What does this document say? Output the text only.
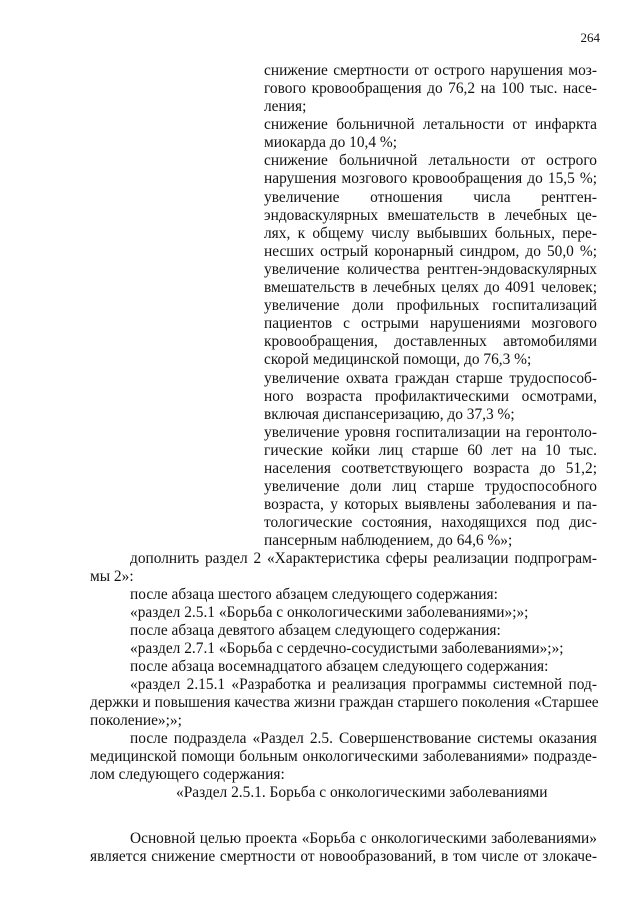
264
снижение смертности от острого нарушения моз-
гового кровообращения до 76,2 на 100 тыс. насе-
ления;
снижение больничной летальности от инфаркта
миокарда до 10,4 %;
снижение больничной летальности от острого
нарушения мозгового кровообращения до 15,5 %;
увеличение отношения числа рентген-
эндоваскулярных вмешательств в лечебных це-
лях, к общему числу выбывших больных, пере-
несших острый коронарный синдром, до 50,0 %;
увеличение количества рентген-эндоваскулярных
вмешательств в лечебных целях до 4091 человек;
увеличение доли профильных госпитализаций
пациентов с острыми нарушениями мозгового
кровообращения, доставленных автомобилями
скорой медицинской помощи, до 76,3 %;
увеличение охвата граждан старше трудоспособ-
ного возраста профилактическими осмотрами,
включая диспансеризацию, до 37,3 %;
увеличение уровня госпитализации на геронтоло-
гические койки лиц старше 60 лет на 10 тыс.
населения соответствующего возраста до 51,2;
увеличение доли лиц старше трудоспособного
возраста, у которых выявлены заболевания и па-
тологические состояния, находящихся под дис-
пансерным наблюдением, до 64,6 %»;
дополнить раздел 2 «Характеристика сферы реализации подпрограм-
мы 2»:
после абзаца шестого абзацем следующего содержания:
«раздел 2.5.1 «Борьба с онкологическими заболеваниями»;»;
после абзаца девятого абзацем следующего содержания:
«раздел 2.7.1 «Борьба с сердечно-сосудистыми заболеваниями»;»;
после абзаца восемнадцатого абзацем следующего содержания:
«раздел 2.15.1 «Разработка и реализация программы системной под-
держки и повышения качества жизни граждан старшего поколения «Старшее
поколение»;»;
после подраздела «Раздел 2.5. Совершенствование системы оказания
медицинской помощи больным онкологическими заболеваниями» подразде-
лом следующего содержания:
«Раздел 2.5.1. Борьба с онкологическими заболеваниями
Основной целью проекта «Борьба с онкологическими заболеваниями»
является снижение смертности от новообразований, в том числе от злокаче-
